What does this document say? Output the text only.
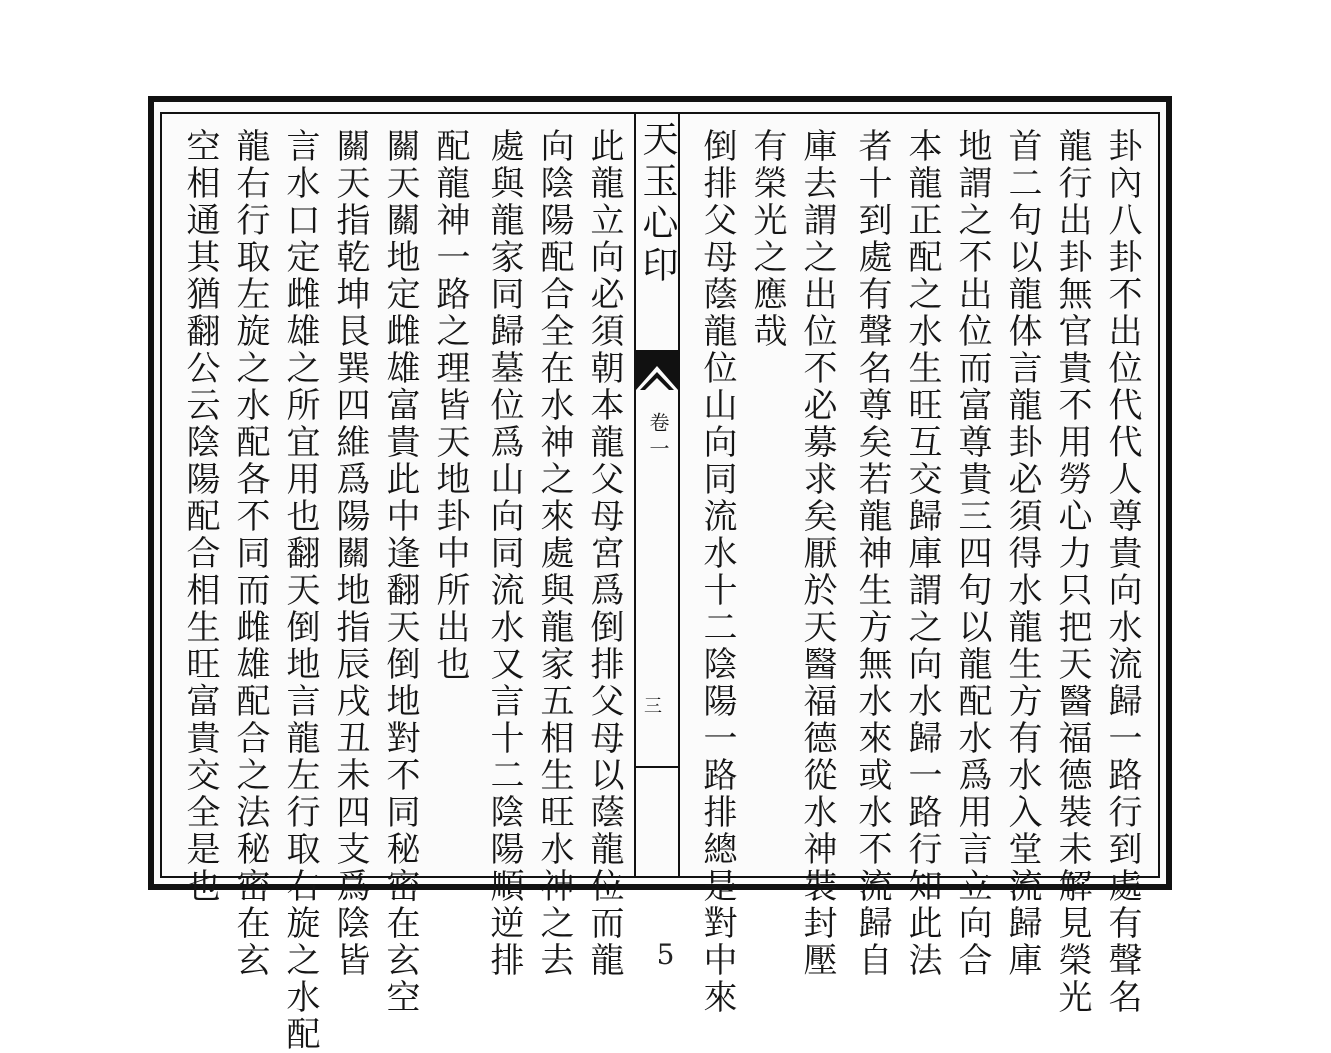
卦內八卦不出位代代人尊貴向水流歸一路行到處有聲名
龍行出卦無官貴不用勞心力只把天醫福德裝未解見榮光
首二句以龍体言龍卦必須得水龍生方有水入堂流歸庫
地謂之不出位而富尊貴三四句以龍配水爲用言立向合
本龍正配之水生旺互交歸庫謂之向水歸一路行知此法
者十到處有聲名尊矣若龍神生方無水來或水不流歸自
庫去謂之出位不必募求矣厭於天醫福德從水神裝封壓
有榮光之應哉
倒排父母蔭龍位山向同流水十二陰陽一路排總是對中來
天玉心印
卷一
三
此龍立向必須朝本龍父母宮爲倒排父母以蔭龍位而龍
向陰陽配合全在水神之來處與龍家五相生旺水神之去
處與龍家同歸墓位爲山向同流水又言十二陰陽順逆排
配龍神一路之理皆天地卦中所出也
關天關地定雌雄富貴此中逢翻天倒地對不同秘密在玄空
關天指乾坤艮巽四維爲陽關地指辰戌丑未四支爲陰皆
言水口定雌雄之所宜用也翻天倒地言龍左行取右旋之水配
龍右行取左旋之水配各不同而雌雄配合之法秘密在玄
空相通其猶翻公云陰陽配合相生旺富貴交全是也
5
